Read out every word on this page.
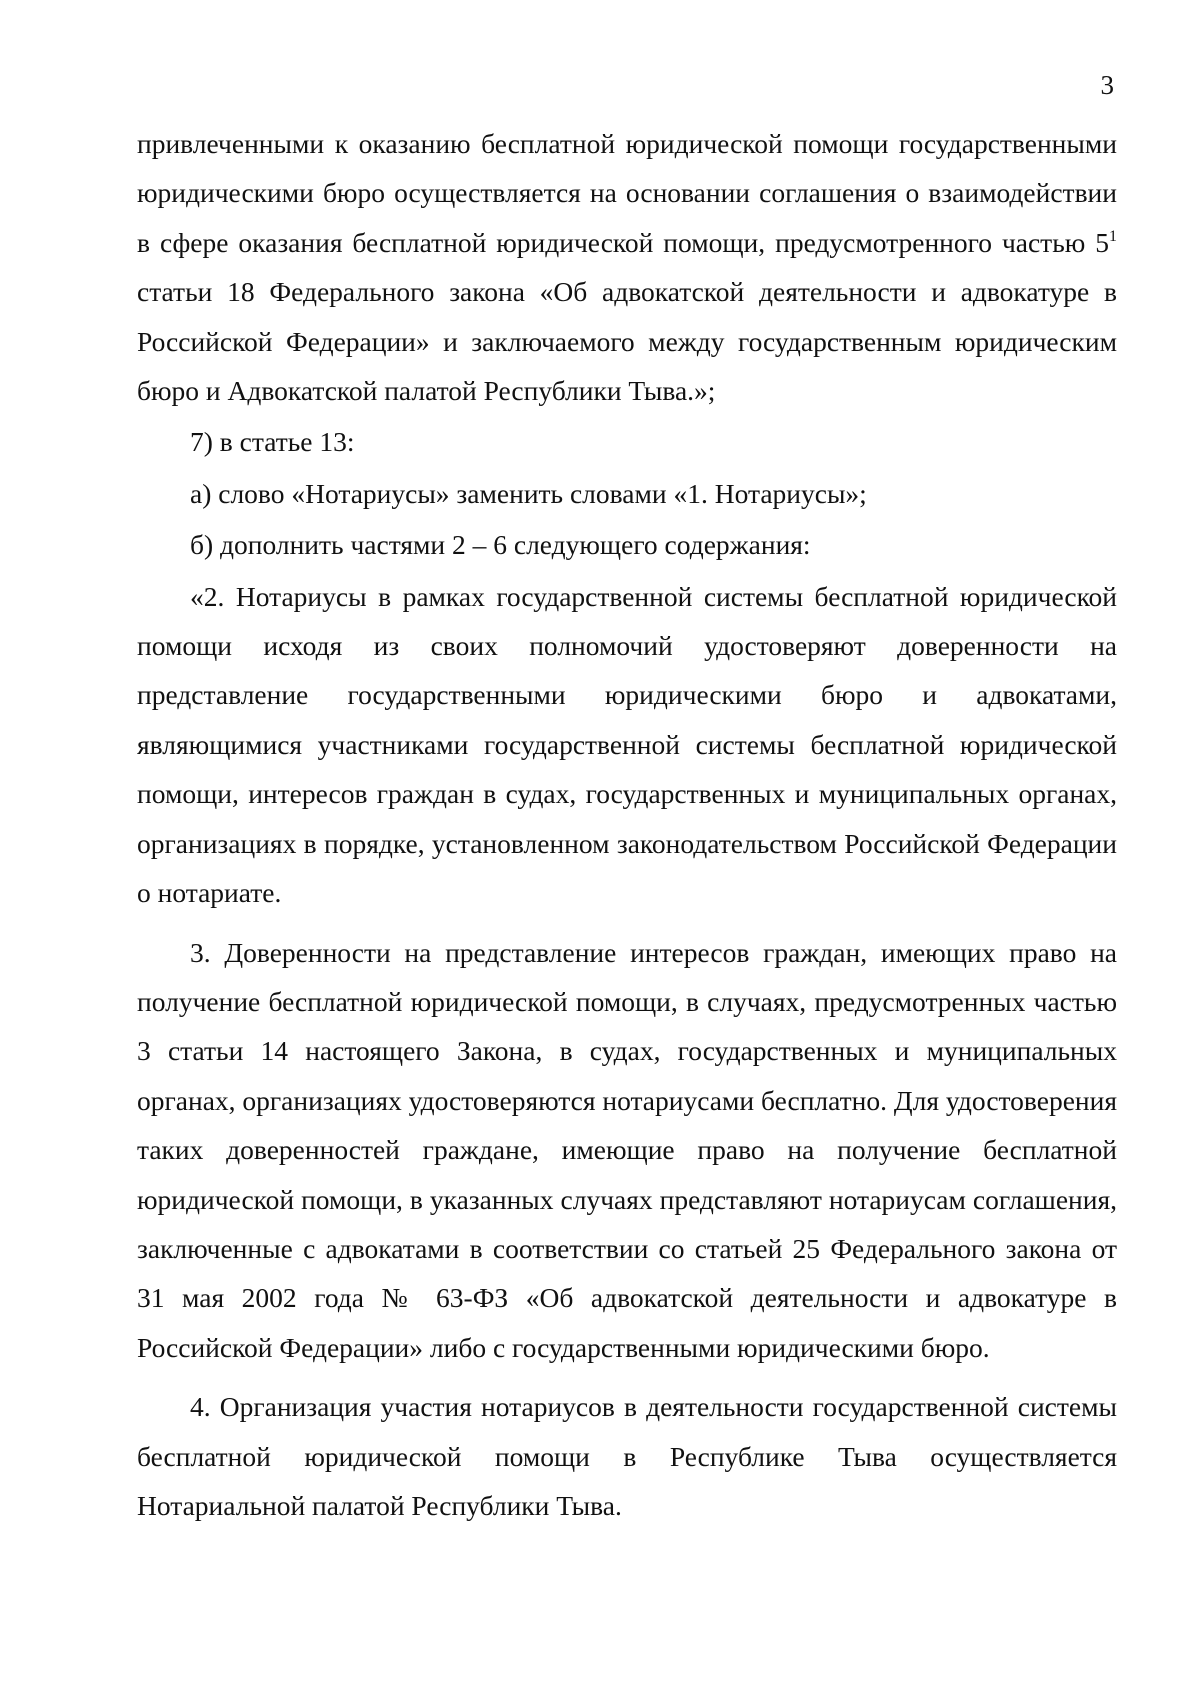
3

привлеченными к оказанию бесплатной юридической помощи государственными юридическими бюро осуществляется на основании соглашения о взаимодействии в сфере оказания бесплатной юридической помощи, предусмотренного частью 5$^1$ статьи 18 Федерального закона «Об адвокатской деятельности и адвокатуре в Российской Федерации» и заключаемого между государственным юридическим бюро и Адвокатской палатой Республики Тыва.»;

7) в статье 13:

а) слово «Нотариусы» заменить словами «1. Нотариусы»;

б) дополнить частями 2 – 6 следующего содержания:

«2. Нотариусы в рамках государственной системы бесплатной юридической помощи исходя из своих полномочий удостоверяют доверенности на представление государственными юридическими бюро и адвокатами, являющимися участниками государственной системы бесплатной юридической помощи, интересов граждан в судах, государственных и муниципальных органах, организациях в порядке, установленном законодательством Российской Федерации о нотариате.

3. Доверенности на представление интересов граждан, имеющих право на получение бесплатной юридической помощи, в случаях, предусмотренных частью 3 статьи 14 настоящего Закона, в судах, государственных и муниципальных органах, организациях удостоверяются нотариусами бесплатно. Для удостоверения таких доверенностей граждане, имеющие право на получение бесплатной юридической помощи, в указанных случаях представляют нотариусам соглашения, заключенные с адвокатами в соответствии со статьей 25 Федерального закона от 31 мая 2002 года № 63-ФЗ «Об адвокатской деятельности и адвокатуре в Российской Федерации» либо с государственными юридическими бюро.

4. Организация участия нотариусов в деятельности государственной системы бесплатной юридической помощи в Республике Тыва осуществляется Нотариальной палатой Республики Тыва.
